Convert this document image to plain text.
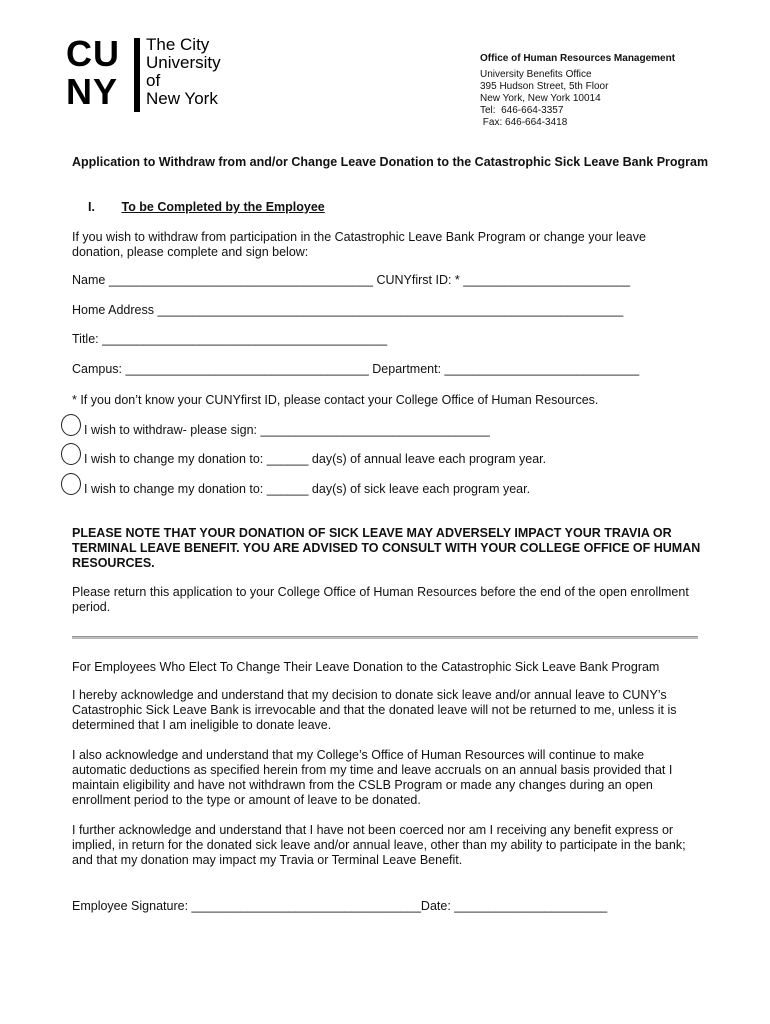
CU
NY
The City
University
of
New York
Office of Human Resources Management
University Benefits Office
395 Hudson Street, 5th Floor
New York, New York 10014
Tel:  646-664-3357
Fax: 646-664-3418
Application to Withdraw from and/or Change Leave Donation to the Catastrophic Sick Leave Bank Program
I. To be Completed by the Employee
If you wish to withdraw from participation in the Catastrophic Leave Bank Program or change your leave donation, please complete and sign below:
Name ______________________________________ CUNYfirst ID: * ________________________
Home Address ___________________________________________________________________
Title: _________________________________________
Campus: ___________________________________ Department: ____________________________
* If you don’t know your CUNYfirst ID, please contact your College Office of Human Resources.
I wish to withdraw- please sign: _________________________________
I wish to change my donation to: ______ day(s) of annual leave each program year.
I wish to change my donation to: ______ day(s) of sick leave each program year.
PLEASE NOTE THAT YOUR DONATION OF SICK LEAVE MAY ADVERSELY IMPACT YOUR TRAVIA OR TERMINAL LEAVE BENEFIT. YOU ARE ADVISED TO CONSULT WITH YOUR COLLEGE OFFICE OF HUMAN RESOURCES.
Please return this application to your College Office of Human Resources before the end of the open enrollment period.
For Employees Who Elect To Change Their Leave Donation to the Catastrophic Sick Leave Bank Program
I hereby acknowledge and understand that my decision to donate sick leave and/or annual leave to CUNY’s Catastrophic Sick Leave Bank is irrevocable and that the donated leave will not be returned to me, unless it is determined that I am ineligible to donate leave.
I also acknowledge and understand that my College’s Office of Human Resources will continue to make automatic deductions as specified herein from my time and leave accruals on an annual basis provided that I maintain eligibility and have not withdrawn from the CSLB Program or made any changes during an open enrollment period to the type or amount of leave to be donated.
I further acknowledge and understand that I have not been coerced nor am I receiving any benefit express or implied, in return for the donated sick leave and/or annual leave, other than my ability to participate in the bank; and that my donation may impact my Travia or Terminal Leave Benefit.
Employee Signature: _________________________________Date: ______________________
